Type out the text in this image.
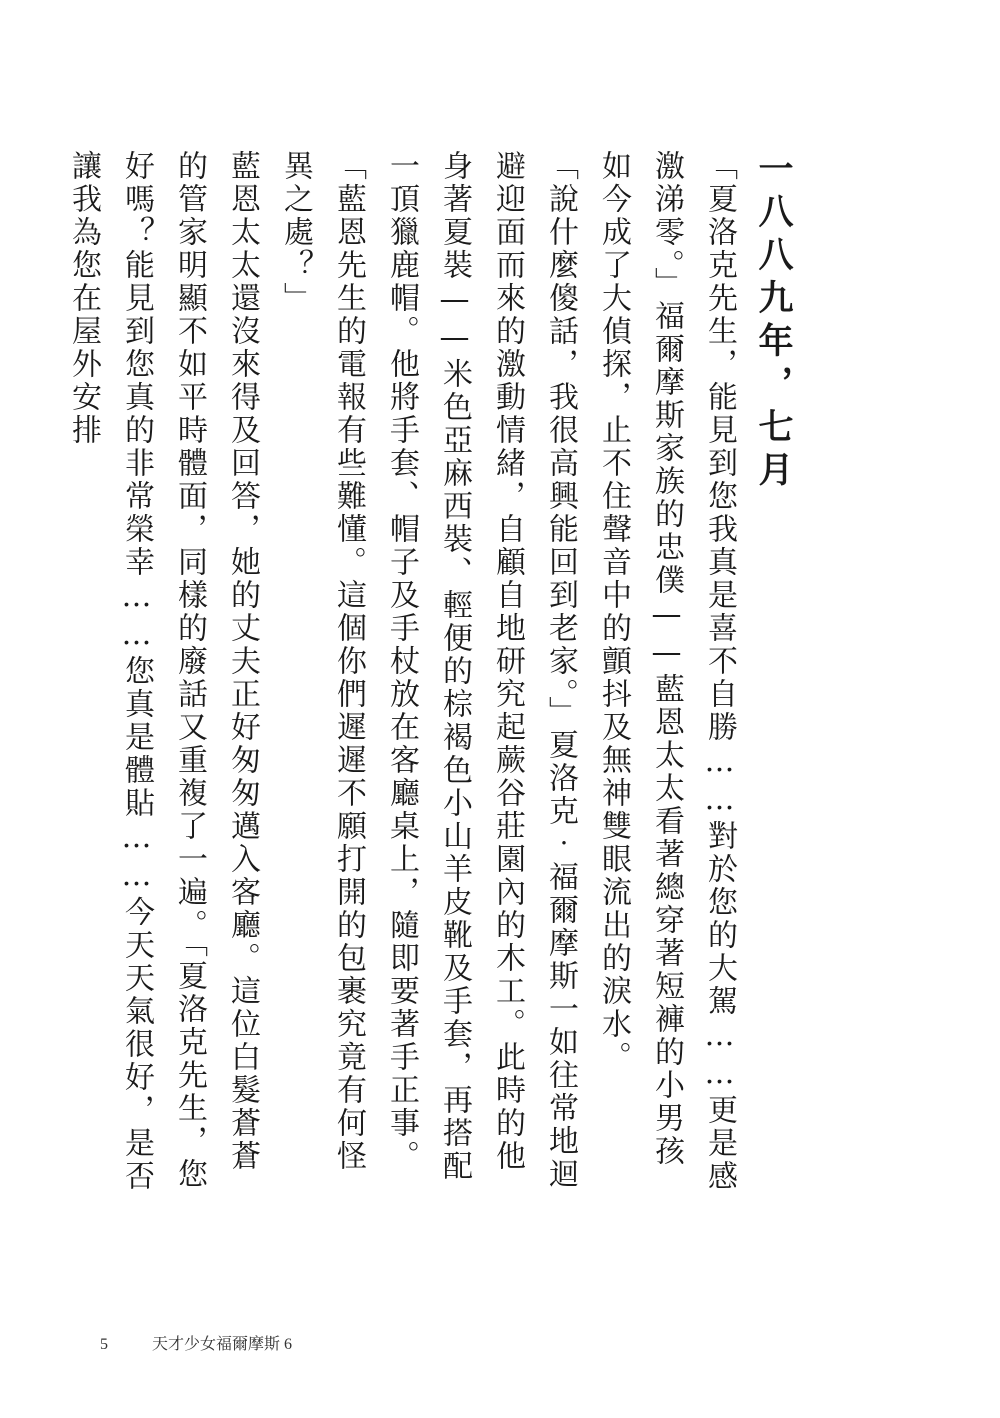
一八八九年，七月

「夏洛克先生，能見到您我真是喜不自勝……對於您的大駕……更是感激涕零。」福爾摩斯家族的忠僕——藍恩太太看著總穿著短褲的小男孩如今成了大偵探，止不住聲音中的顫抖及無神雙眼流出的淚水。

「說什麼傻話，我很高興能回到老家。」夏洛克‧福爾摩斯一如往常地迴避迎面而來的激動情緒，自顧自地研究起蕨谷莊園內的木工。此時的他身著夏裝——米色亞麻西裝、輕便的棕褐色小山羊皮靴及手套，再搭配一頂獵鹿帽。他將手套、帽子及手杖放在客廳桌上，隨即要著手正事。

「藍恩先生的電報有些難懂。這個你們遲遲不願打開的包裹究竟有何怪異之處？」

藍恩太太還沒來得及回答，她的丈夫正好匆匆邁入客廳。這位白髮蒼蒼的管家明顯不如平時體面，同樣的廢話又重複了一遍。「夏洛克先生，您好嗎？能見到您真的非常榮幸……您真是體貼……今天天氣很好，是否讓我為您在屋外安排

5	天才少女福爾摩斯 6
